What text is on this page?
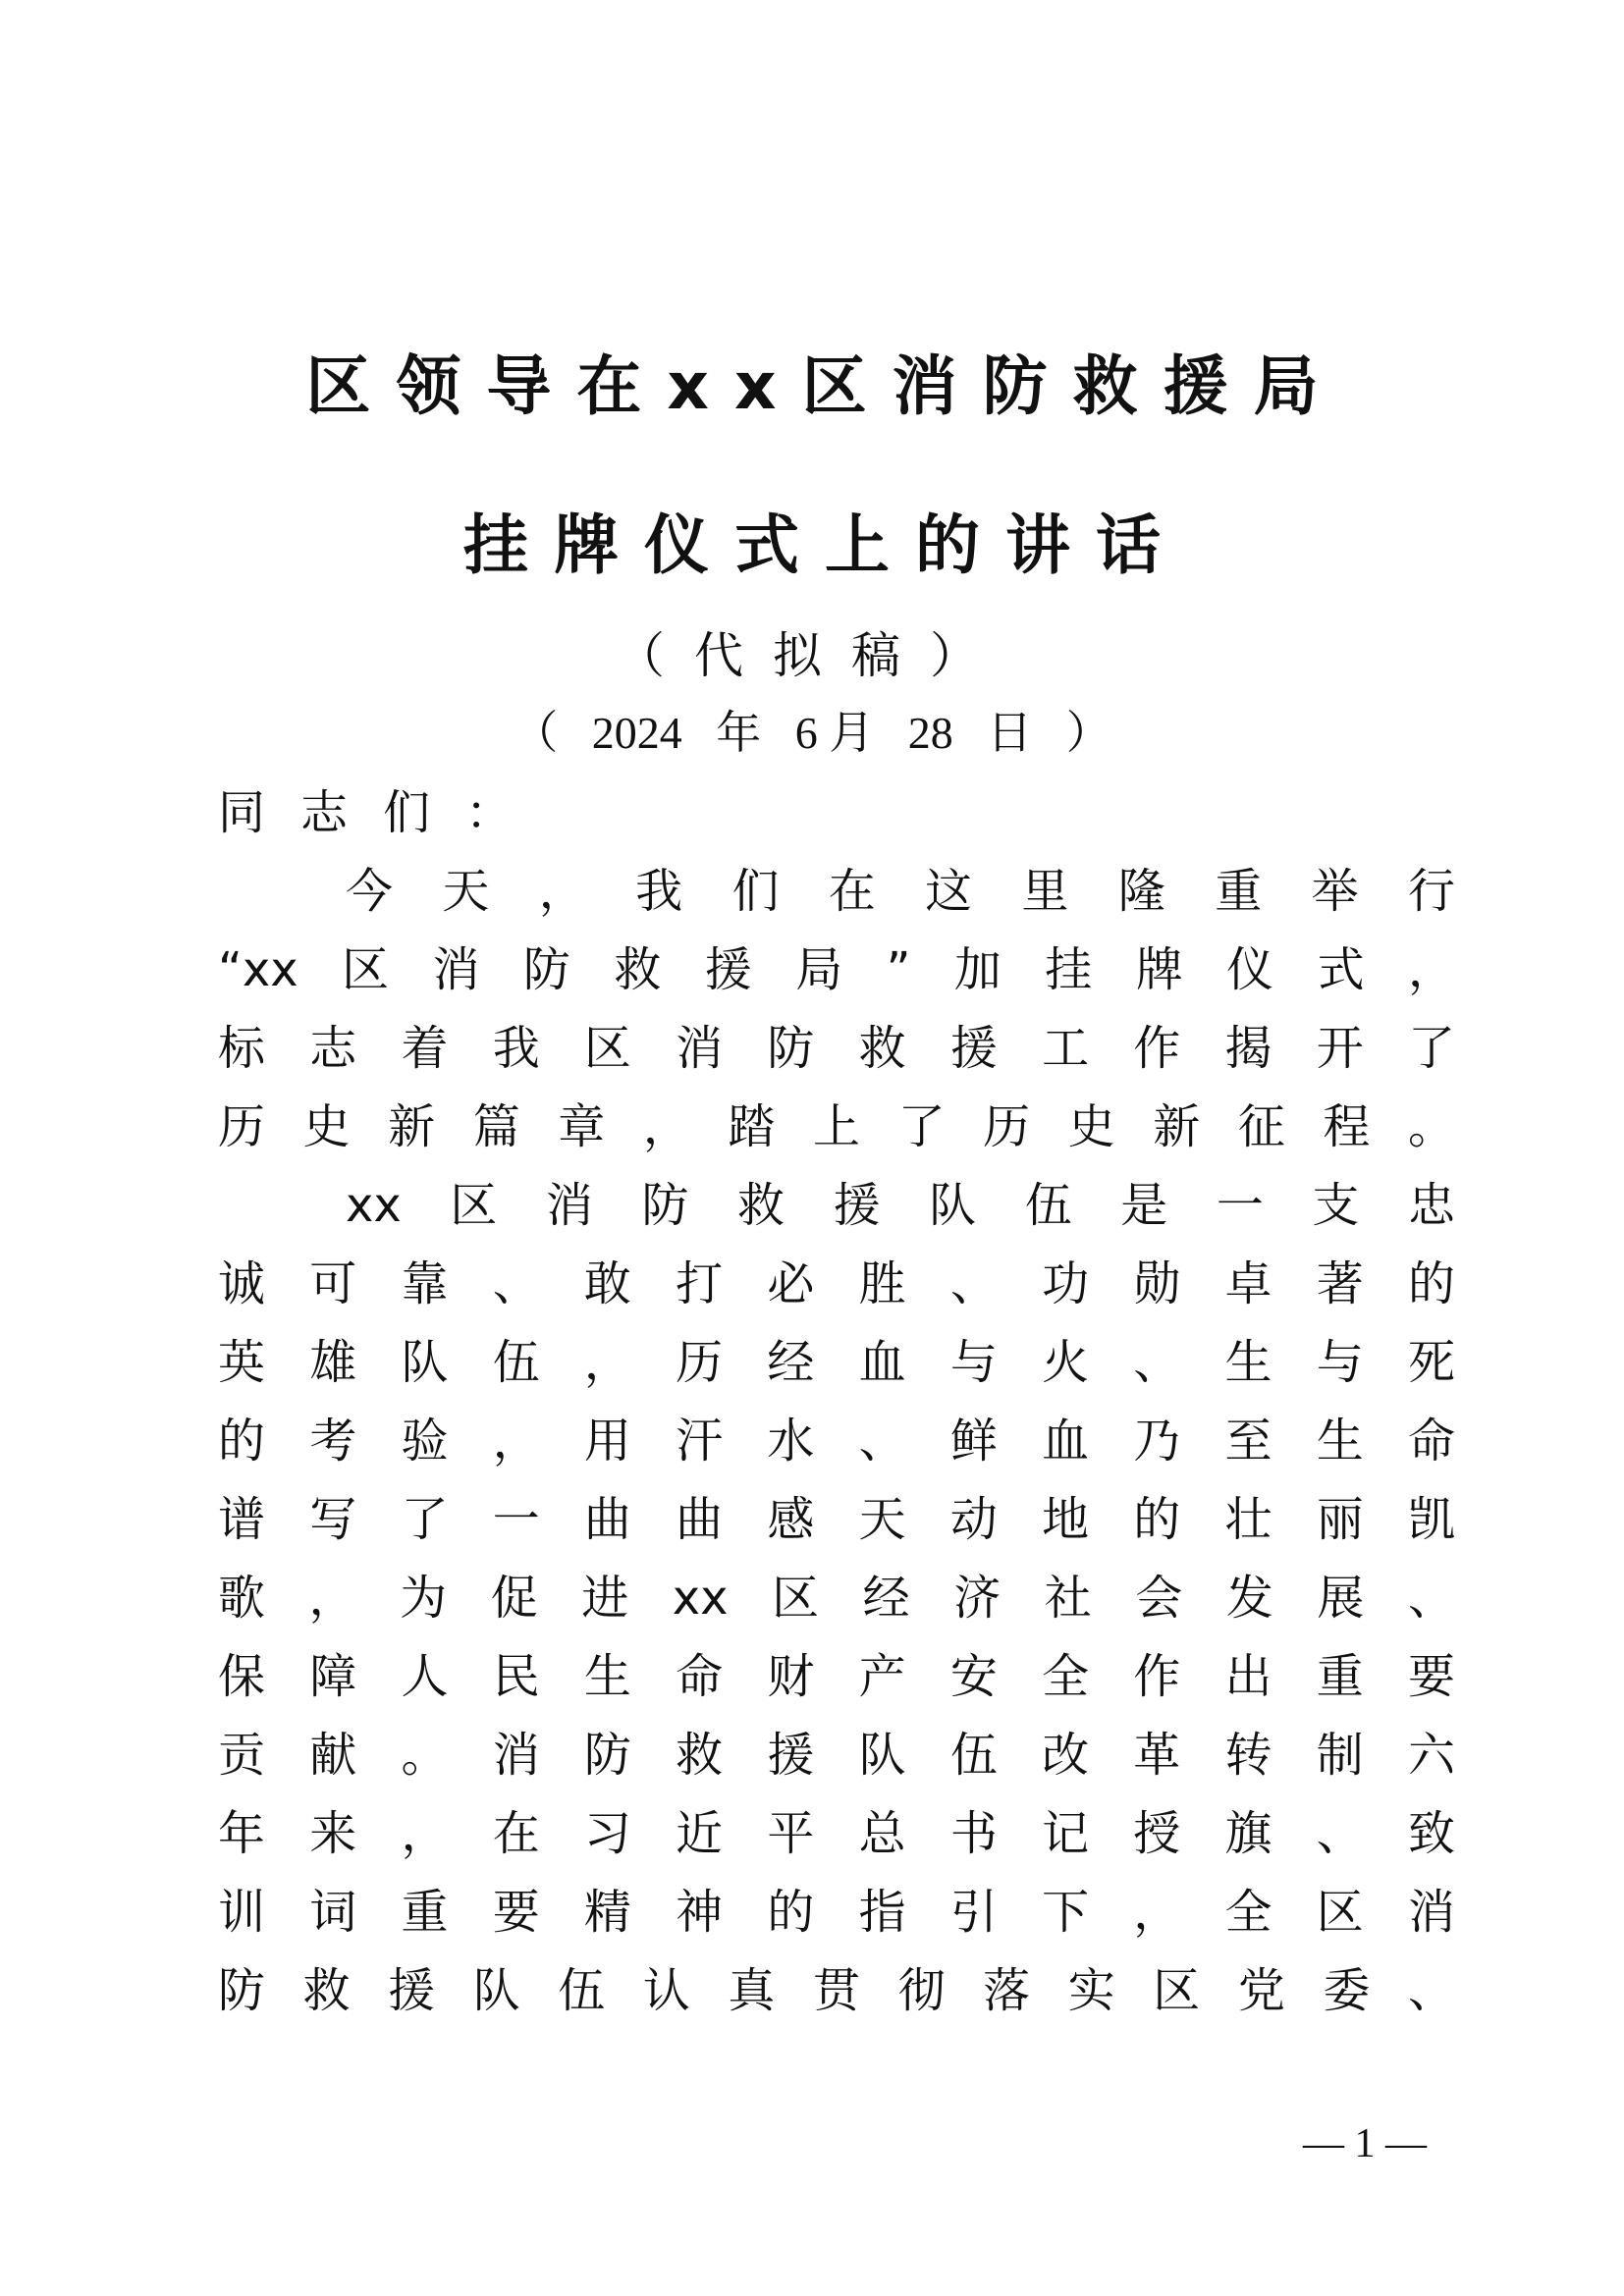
区领导在xx区消防救援局
挂牌仪式上的讲话

（代拟稿）

（ 2024 年 6 月 28 日 ）

同志们：

今​天​，​我​们​在​这​里​隆​重​举​行

“​x​x​区​消​防​救​援​局​”​加​挂​牌​仪​式​，

标​志​着​我​区​消​防​救​援​工​作​揭​开​了

历​史​新​篇​章​，​踏​上​了​历​史​新​征​程​。

x​x​区​消​防​救​援​队​伍​是​一​支​忠

诚​可​靠​、​敢​打​必​胜​、​功​勋​卓​著​的

英​雄​队​伍​，​历​经​血​与​火​、​生​与​死

的​考​验​，​用​汗​水​、​鲜​血​乃​至​生​命

谱​写​了​一​曲​曲​感​天​动​地​的​壮​丽​凯

歌​，​为​促​进​x​x​区​经​济​社​会​发​展​、

保​障​人​民​生​命​财​产​安​全​作​出​重​要

贡​献​。​消​防​救​援​队​伍​改​革​转​制​六

年​来​，​在​习​近​平​总​书​记​授​旗​、​致

训​词​重​要​精​神​的​指​引​下​，​全​区​消

防​救​援​队​伍​认​真​贯​彻​落​实​区​党​委​、

— 1 —
